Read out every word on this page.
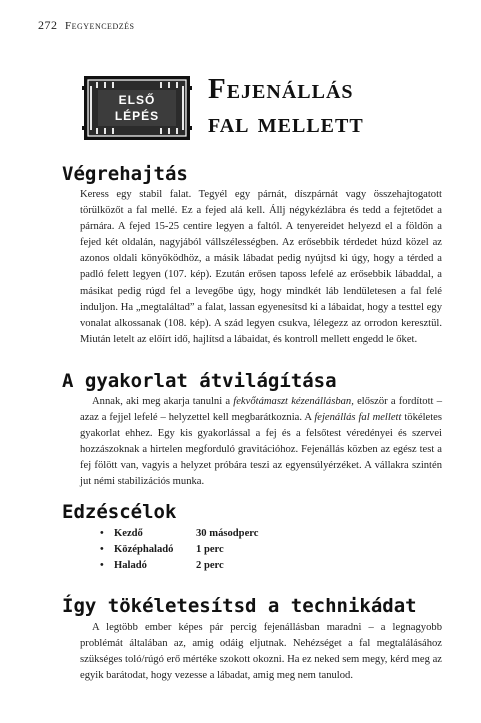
272 Fegyencedzés
ELSŐ
LÉPÉS
Fejenállás
fal mellett
Végrehajtás

Keress egy stabil falat. Tegyél egy párnát, díszpárnát vagy összehajtogatott törülközőt a fal mellé. Ez a fejed alá kell. Állj négykézlábra és tedd a fejtetődet a párnára. A fejed 15-25 centire legyen a faltól. A tenyereidet helyezd el a földön a fejed két oldalán, nagyjából vállszélességben. Az erősebbik térdedet húzd közel az azonos oldali könyöködhöz, a másik lábadat pedig nyújtsd ki úgy, hogy a térded a padló felett legyen (107. kép). Ezután erősen taposs lefelé az erősebbik lábaddal, a másikat pedig rúgd fel a levegőbe úgy, hogy mindkét láb lendületesen a fal felé induljon. Ha „megtaláltad” a falat, lassan egyenesítsd ki a lábaidat, hogy a testtel egy vonalat alkossanak (108. kép). A szád legyen csukva, lélegezz az orrodon keresztül. Miután letelt az előírt idő, hajlítsd a lábaidat, és kontroll mellett engedd le őket.

A gyakorlat átvilágítása

Annak, aki meg akarja tanulni a fekvőtámaszt kézenállásban, először a fordított – azaz a fejjel lefelé – helyzettel kell megbarátkoznia. A fejenállás fal mellett tökéletes gyakorlat ehhez. Egy kis gyakorlással a fej és a felsőtest véredényei és szervei hozzászoknak a hirtelen megforduló gravitációhoz. Fejenállás közben az egész test a fej fölött van, vagyis a helyzet próbára teszi az egyensúlyérzéket. A vállakra szintén jut némi stabilizációs munka.

Edzéscélok
• Kezdő	30 másodperc
• Középhaladó	1 perc
• Haladó	2 perc
Így tökéletesítsd a technikádat

A legtöbb ember képes pár percig fejenállásban maradni – a legnagyobb problémát általában az, amig odáig eljutnak. Nehézséget a fal megtalálásához szükséges toló/rúgó erő mértéke szokott okozni. Ha ez neked sem megy, kérd meg az egyik barátodat, hogy vezesse a lábadat, amig meg nem tanulod.
